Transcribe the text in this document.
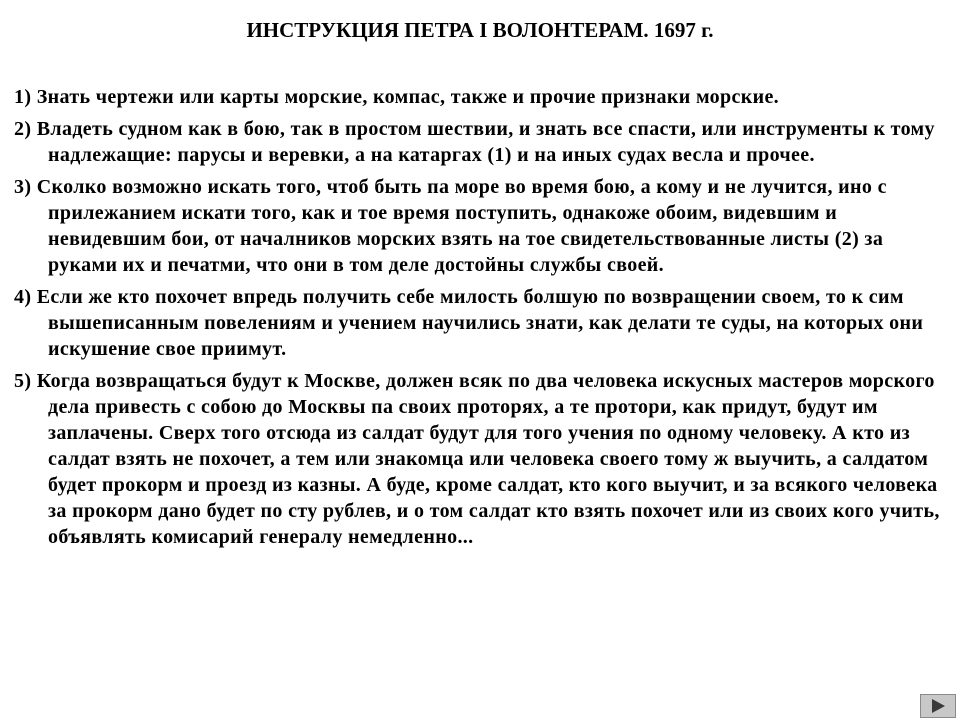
ИНСТРУКЦИЯ ПЕТРА I ВОЛОНТЕРАМ. 1697 г.
1) Знать чертежи или карты морские, компас, также и прочие признаки морские.
2) Владеть судном как в бою, так в простом шествии, и знать все спасти, или инструменты к тому надлежащие: парусы и веревки, а на катаргах (1) и на иных судах весла и прочее.
3) Сколко возможно искать того, чтоб быть па море во время бою, а кому и не лучится, ино с прилежанием искати того, как и тое время поступить, однакоже обоим, видевшим и невидевшим бои, от началников морских взять на тое свидетельствованные листы (2) за руками их и печатми, что они в том деле достойны службы своей.
4) Если же кто похочет впредь получить себе милость болшую по возвращении своем, то к сим вышеписанным повелениям и учением научились знати, как делати те суды, на которых они искушение свое приимут.
5) Когда возвращаться будут к Москве, должен всяк по два человека искусных мастеров морского дела привесть с собою до Москвы па своих проторях, а те протори, как придут, будут им заплачены. Сверх того отсюда из салдат будут для того учения по одному человеку. А кто из салдат взять не похочет, а тем или знакомца или человека своего тому ж выучить, а салдатом будет прокорм и проезд из казны. А буде, кроме салдат, кто кого выучит, и за всякого человека за прокорм дано будет по сту рублев, и о том салдат кто взять похочет или из своих кого учить, объявлять комисарий генералу немедленно...
